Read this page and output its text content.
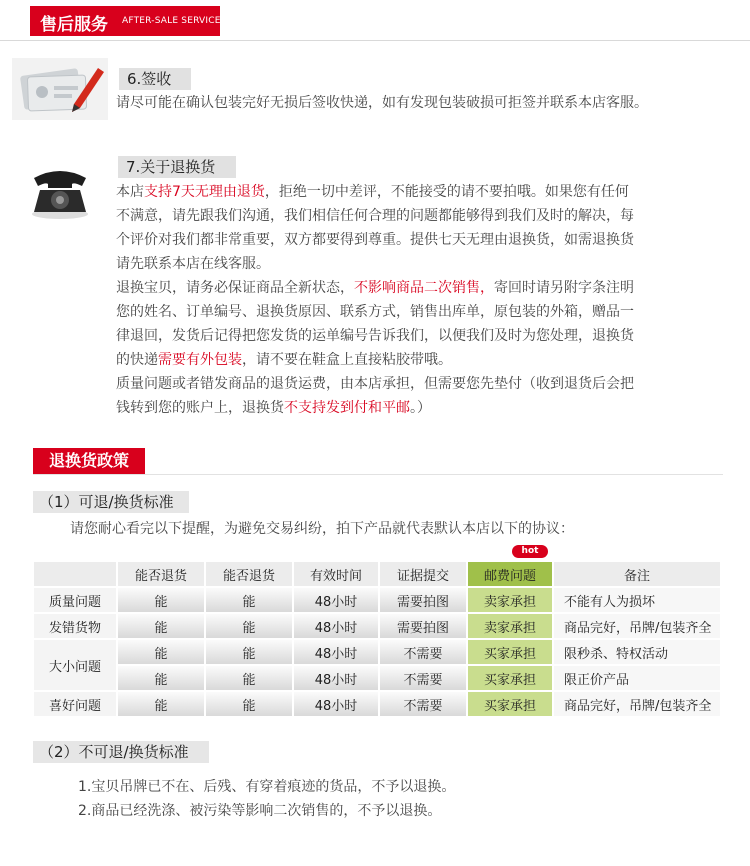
售后服务 AFTER-SALE SERVICE
6.签收
请尽可能在确认包装完好无损后签收快递，如有发现包装破损可拒签并联系本店客服。
7.关于退换货
本店支持7天无理由退货，拒绝一切中差评，不能接受的请不要拍哦。如果您有任何
不满意，请先跟我们沟通，我们相信任何合理的问题都能够得到我们及时的解决，每
个评价对我们都非常重要，双方都要得到尊重。提供七天无理由退换货，如需退换货
请先联系本店在线客服。
退换宝贝，请务必保证商品全新状态，不影响商品二次销售，寄回时请另附字条注明
您的姓名、订单编号、退换货原因、联系方式，销售出库单，原包装的外箱，赠品一
律退回，发货后记得把您发货的运单编号告诉我们，以便我们及时为您处理，退换货
的快递需要有外包装，请不要在鞋盒上直接粘胶带哦。
质量问题或者错发商品的退货运费，由本店承担，但需要您先垫付（收到退货后会把
钱转到您的账户上，退换货不支持发到付和平邮。）
退换货政策
（1）可退/换货标准
请您耐心看完以下提醒，为避免交易纠纷，拍下产品就代表默认本店以下的协议：
hot
	能否退货	能否退货	有效时间	证据提交	邮费问题	备注
质量问题	能	能	48小时	需要拍图	卖家承担	不能有人为损坏
发错货物	能	能	48小时	需要拍图	卖家承担	商品完好，吊牌/包装齐全
大小问题	能	能	48小时	不需要	买家承担	限秒杀、特权活动
	能	能	48小时	不需要	买家承担	限正价产品
喜好问题	能	能	48小时	不需要	买家承担	商品完好，吊牌/包装齐全
（2）不可退/换货标准
1.宝贝吊牌已不在、后残、有穿着痕迹的货品，不予以退换。
2.商品已经洗涤、被污染等影响二次销售的，不予以退换。
